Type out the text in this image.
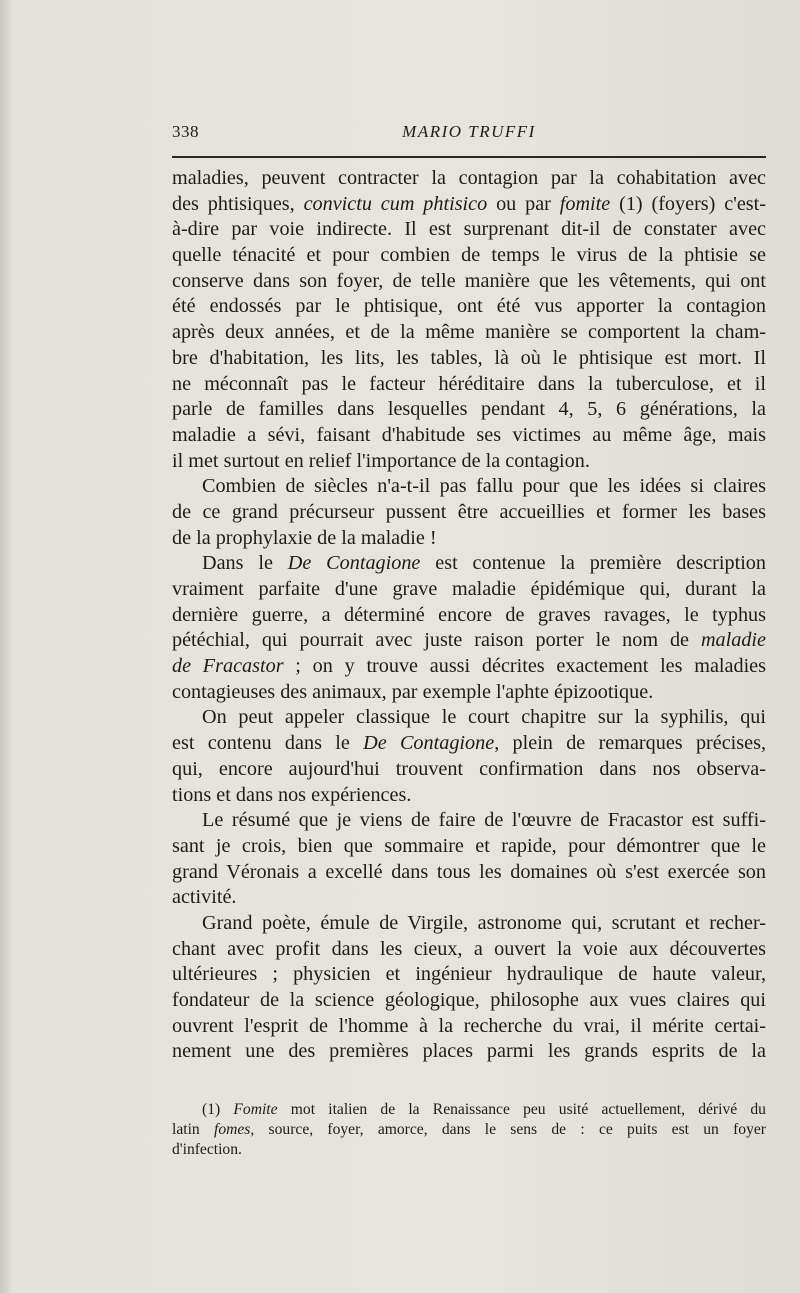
338	MARIO TRUFFI
maladies, peuvent contracter la contagion par la cohabitation avec
des phtisiques, convictu cum phtisico ou par fomite (1) (foyers) c'est-
à-dire par voie indirecte. Il est surprenant dit-il de constater avec
quelle ténacité et pour combien de temps le virus de la phtisie se
conserve dans son foyer, de telle manière que les vêtements, qui ont
été endossés par le phtisique, ont été vus apporter la contagion
après deux années, et de la même manière se comportent la cham-
bre d'habitation, les lits, les tables, là où le phtisique est mort. Il
ne méconnaît pas le facteur héréditaire dans la tuberculose, et il
parle de familles dans lesquelles pendant 4, 5, 6 générations, la
maladie a sévi, faisant d'habitude ses victimes au même âge, mais
il met surtout en relief l'importance de la contagion.
Combien de siècles n'a-t-il pas fallu pour que les idées si claires
de ce grand précurseur pussent être accueillies et former les bases
de la prophylaxie de la maladie !
Dans le De Contagione est contenue la première description
vraiment parfaite d'une grave maladie épidémique qui, durant la
dernière guerre, a déterminé encore de graves ravages, le typhus
pétéchial, qui pourrait avec juste raison porter le nom de maladie
de Fracastor ; on y trouve aussi décrites exactement les maladies
contagieuses des animaux, par exemple l'aphte épizootique.
On peut appeler classique le court chapitre sur la syphilis, qui
est contenu dans le De Contagione, plein de remarques précises,
qui, encore aujourd'hui trouvent confirmation dans nos observa-
tions et dans nos expériences.
Le résumé que je viens de faire de l'œuvre de Fracastor est suffi-
sant je crois, bien que sommaire et rapide, pour démontrer que le
grand Véronais a excellé dans tous les domaines où s'est exercée son
activité.
Grand poète, émule de Virgile, astronome qui, scrutant et recher-
chant avec profit dans les cieux, a ouvert la voie aux découvertes
ultérieures ; physicien et ingénieur hydraulique de haute valeur,
fondateur de la science géologique, philosophe aux vues claires qui
ouvrent l'esprit de l'homme à la recherche du vrai, il mérite certai-
nement une des premières places parmi les grands esprits de la
(1) Fomite mot italien de la Renaissance peu usité actuellement, dérivé du
latin fomes, source, foyer, amorce, dans le sens de : ce puits est un foyer
d'infection.
